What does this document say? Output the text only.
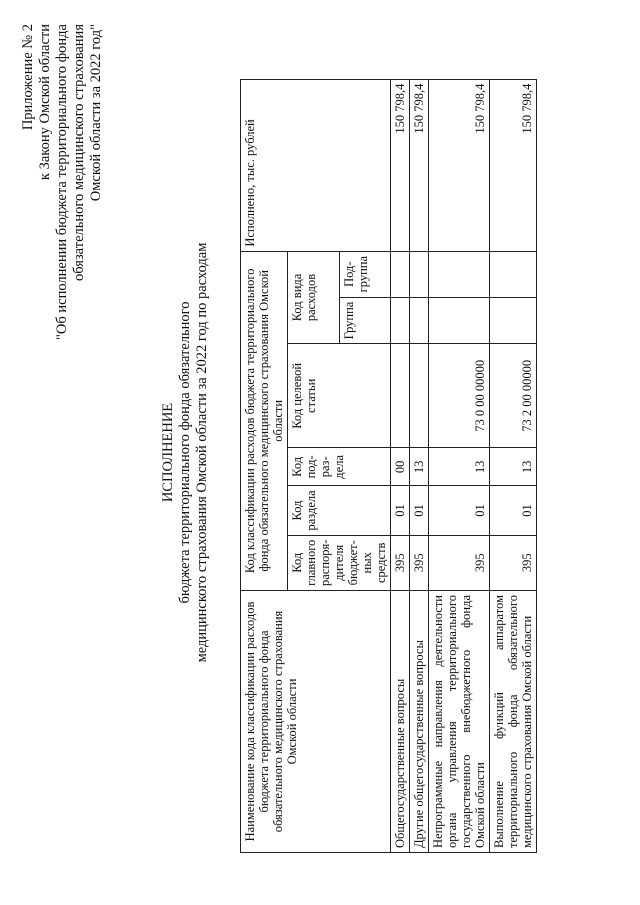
Приложение № 2 к Закону Омской области "Об исполнении бюджета территориального фонда обязательного медицинского страхования Омской области за 2022 год"
ИСПОЛНЕНИЕ бюджета территориального фонда обязательного медицинского страхования Омской области за 2022 год по расходам
Наименование кода классификации расходов бюджета территориального фонда обязательного медицинского страхования Омской области	Код классификации расходов бюджета территориального фонда обязательного медицинского страхования Омской области						Исполнено, тыс. рублей
	Код главного распоря-дителя бюджет-ных средств	Код раздела	Код под-раз-дела	Код целевой статьи	Код вида расходов		
					Группа	Под-группа	
Общегосударственные вопросы	395	01	00				150 798,4
Другие общегосударственные вопросы	395	01	13				150 798,4
Непрограммные направления деятельности органа управления территориального государственного внебюджетного фонда Омской области	395	01	13	73 0 00 00000			150 798,4
Выполнение функций аппаратом территориального фонда обязательного медицинского страхования Омской области	395	01	13	73 2 00 00000			150 798,4
